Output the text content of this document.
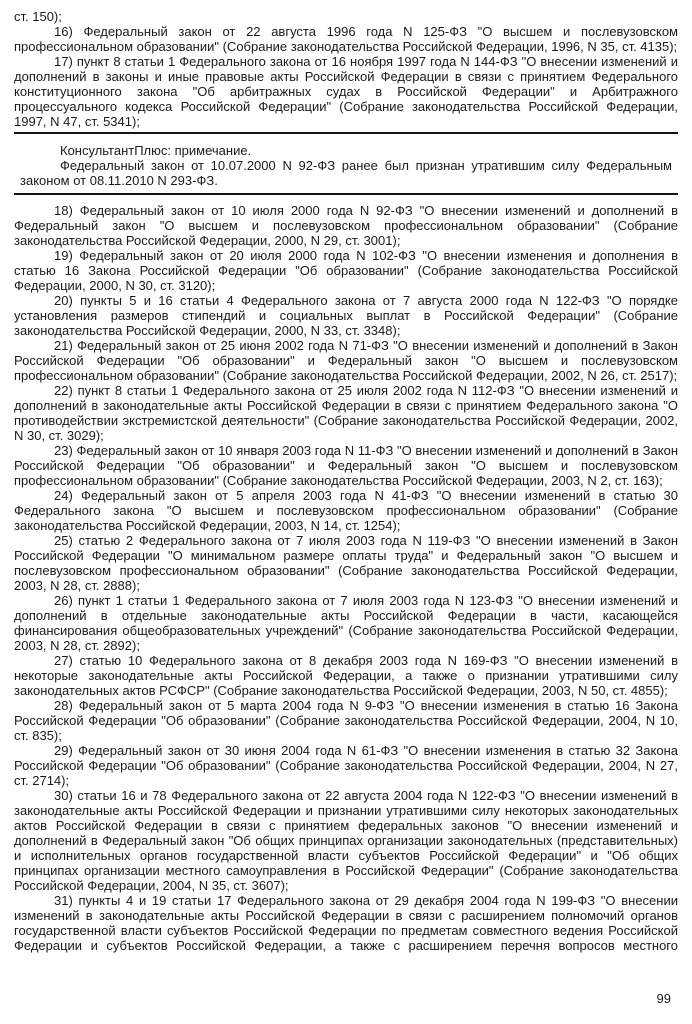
ст. 150);

16) Федеральный закон от 22 августа 1996 года N 125-ФЗ "О высшем и послевузовском профессиональном образовании" (Собрание законодательства Российской Федерации, 1996, N 35, ст. 4135);

17) пункт 8 статьи 1 Федерального закона от 16 ноября 1997 года N 144-ФЗ "О внесении изменений и дополнений в законы и иные правовые акты Российской Федерации в связи с принятием Федерального конституционного закона "Об арбитражных судах в Российской Федерации" и Арбитражного процессуального кодекса Российской Федерации" (Собрание законодательства Российской Федерации, 1997, N 47, ст. 5341);

КонсультантПлюс: примечание.

Федеральный закон от 10.07.2000 N 92-ФЗ ранее был признан утратившим силу Федеральным законом от 08.11.2010 N 293-ФЗ.

18) Федеральный закон от 10 июля 2000 года N 92-ФЗ "О внесении изменений и дополнений в Федеральный закон "О высшем и послевузовском профессиональном образовании" (Собрание законодательства Российской Федерации, 2000, N 29, ст. 3001);

19) Федеральный закон от 20 июля 2000 года N 102-ФЗ "О внесении изменения и дополнения в статью 16 Закона Российской Федерации "Об образовании" (Собрание законодательства Российской Федерации, 2000, N 30, ст. 3120);

20) пункты 5 и 16 статьи 4 Федерального закона от 7 августа 2000 года N 122-ФЗ "О порядке установления размеров стипендий и социальных выплат в Российской Федерации" (Собрание законодательства Российской Федерации, 2000, N 33, ст. 3348);

21) Федеральный закон от 25 июня 2002 года N 71-ФЗ "О внесении изменений и дополнений в Закон Российской Федерации "Об образовании" и Федеральный закон "О высшем и послевузовском профессиональном образовании" (Собрание законодательства Российской Федерации, 2002, N 26, ст. 2517);

22) пункт 8 статьи 1 Федерального закона от 25 июля 2002 года N 112-ФЗ "О внесении изменений и дополнений в законодательные акты Российской Федерации в связи с принятием Федерального закона "О противодействии экстремистской деятельности" (Собрание законодательства Российской Федерации, 2002, N 30, ст. 3029);

23) Федеральный закон от 10 января 2003 года N 11-ФЗ "О внесении изменений и дополнений в Закон Российской Федерации "Об образовании" и Федеральный закон "О высшем и послевузовском профессиональном образовании" (Собрание законодательства Российской Федерации, 2003, N 2, ст. 163);

24) Федеральный закон от 5 апреля 2003 года N 41-ФЗ "О внесении изменений в статью 30 Федерального закона "О высшем и послевузовском профессиональном образовании" (Собрание законодательства Российской Федерации, 2003, N 14, ст. 1254);

25) статью 2 Федерального закона от 7 июля 2003 года N 119-ФЗ "О внесении изменений в Закон Российской Федерации "О минимальном размере оплаты труда" и Федеральный закон "О высшем и послевузовском профессиональном образовании" (Собрание законодательства Российской Федерации, 2003, N 28, ст. 2888);

26) пункт 1 статьи 1 Федерального закона от 7 июля 2003 года N 123-ФЗ "О внесении изменений и дополнений в отдельные законодательные акты Российской Федерации в части, касающейся финансирования общеобразовательных учреждений" (Собрание законодательства Российской Федерации, 2003, N 28, ст. 2892);

27) статью 10 Федерального закона от 8 декабря 2003 года N 169-ФЗ "О внесении изменений в некоторые законодательные акты Российской Федерации, а также о признании утратившими силу законодательных актов РСФСР" (Собрание законодательства Российской Федерации, 2003, N 50, ст. 4855);

28) Федеральный закон от 5 марта 2004 года N 9-ФЗ "О внесении изменения в статью 16 Закона Российской Федерации "Об образовании" (Собрание законодательства Российской Федерации, 2004, N 10, ст. 835);

29) Федеральный закон от 30 июня 2004 года N 61-ФЗ "О внесении изменения в статью 32 Закона Российской Федерации "Об образовании" (Собрание законодательства Российской Федерации, 2004, N 27, ст. 2714);

30) статьи 16 и 78 Федерального закона от 22 августа 2004 года N 122-ФЗ "О внесении изменений в законодательные акты Российской Федерации и признании утратившими силу некоторых законодательных актов Российской Федерации в связи с принятием федеральных законов "О внесении изменений и дополнений в Федеральный закон "Об общих принципах организации законодательных (представительных) и исполнительных органов государственной власти субъектов Российской Федерации" и "Об общих принципах организации местного самоуправления в Российской Федерации" (Собрание законодательства Российской Федерации, 2004, N 35, ст. 3607);

31) пункты 4 и 19 статьи 17 Федерального закона от 29 декабря 2004 года N 199-ФЗ "О внесении изменений в законодательные акты Российской Федерации в связи с расширением полномочий органов государственной власти субъектов Российской Федерации по предметам совместного ведения Российской Федерации и субъектов Российской Федерации, а также с расширением перечня вопросов местного

99
